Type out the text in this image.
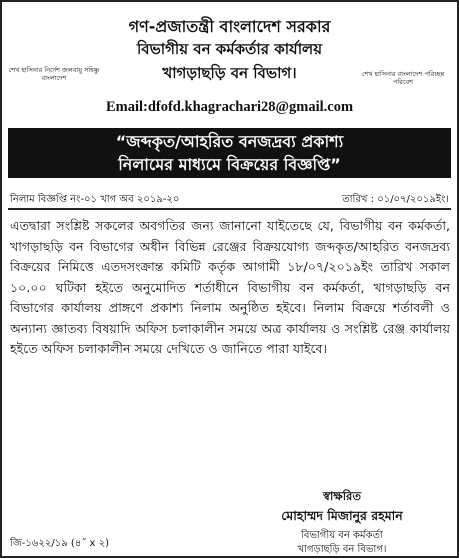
গণ-প্রজাতন্ত্রী বাংলাদেশ সরকার
বিভাগীয় বন কর্মকর্তার কার্যালয়
খাগড়াছড়ি বন বিভাগ।
শেখ হাসিনার নির্দেশ জলবায়ু সহিষ্ণু বাংলাদেশ	শেখ হাসিনার বাংলাদেশ পরিচ্ছন্ন পরিবেশ
Email:dfofd.khagrachari28@gmail.com
“জব্দকৃত/আহরিত বনজদ্রব্য প্রকাশ্য
নিলামের মাধ্যমে বিক্রয়ের বিজ্ঞপ্তি”
নিলাম বিজ্ঞপ্তি নং-০১ খাগ অব ২০১৯-২০	তারিখ : ০১/০৭/২০১৯ইং।
এতদ্বারা সংশ্লিষ্ট সকলের অবগতির জন্য জানানো যাইতেছে যে, বিভাগীয় বন কর্মকর্তা, খাগড়াছড়ি বন বিভাগের অধীন বিভিন্ন রেঞ্জের বিক্রয়যোগ্য জব্দকৃত/আহরিত বনজদ্রব্য বিক্রয়ের নিমিত্তে এতদসংক্রান্ত কমিটি কর্তৃক আগামী ১৮/০৭/২০১৯ইং তারিখ সকাল ১০.০০ ঘটিকা হইতে অনুমোদিত শর্তাধীনে বিভাগীয় বন কর্মকর্তা, খাগড়াছড়ি বন বিভাগের কার্যালয় প্রাঙ্গণে প্রকাশ্য নিলাম অনুষ্ঠিত হইবে। নিলাম বিক্রয়ে শর্তাবলী ও অন্যান্য জ্ঞাতব্য বিষয়াদি অফিস চলাকালীন সময়ে অত্র কার্যালয় ও সংশ্লিষ্ট রেঞ্জ কার্যালয় হইতে অফিস চলাকালীন সময়ে দেখিতে ও জানিতে পারা যাইবে।
স্বাক্ষরিত
মোহাম্মদ মিজানুর রহমান
বিভাগীয় বন কর্মকর্তা
খাগড়াছড়ি বন বিভাগ।
জি-১৬২২/১৯ (৪˝ x ২)
